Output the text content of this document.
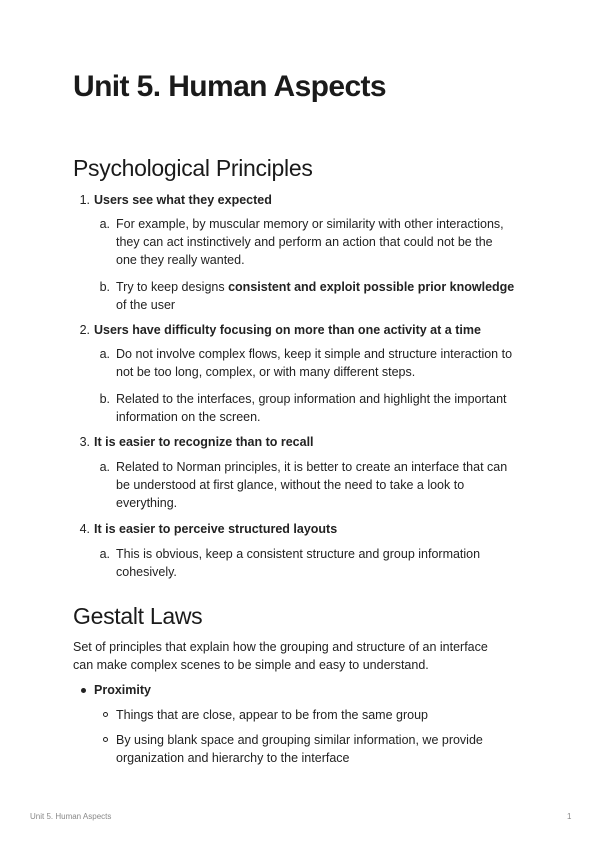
Unit 5. Human Aspects
Psychological Principles
1. Users see what they expected

a. For example, by muscular memory or similarity with other interactions,

they can act instinctively and perform an action that could not be the

one they really wanted.

b. Try to keep designs consistent and exploit possible prior knowledge

of the user

2. Users have difficulty focusing on more than one activity at a time

a. Do not involve complex flows, keep it simple and structure interaction to

not be too long, complex, or with many different steps.

b. Related to the interfaces, group information and highlight the important

information on the screen.

3. It is easier to recognize than to recall

a. Related to Norman principles, it is better to create an interface that can

be understood at first glance, without the need to take a look to

everything.

4. It is easier to perceive structured layouts

a. This is obvious, keep a consistent structure and group information

cohesively.

Gestalt Laws

Set of principles that explain how the grouping and structure of an interface

can make complex scenes to be simple and easy to understand.

Proximity

Things that are close, appear to be from the same group

By using blank space and grouping similar information, we provide

organization and hierarchy to the interface

Unit 5. Human Aspects	1
